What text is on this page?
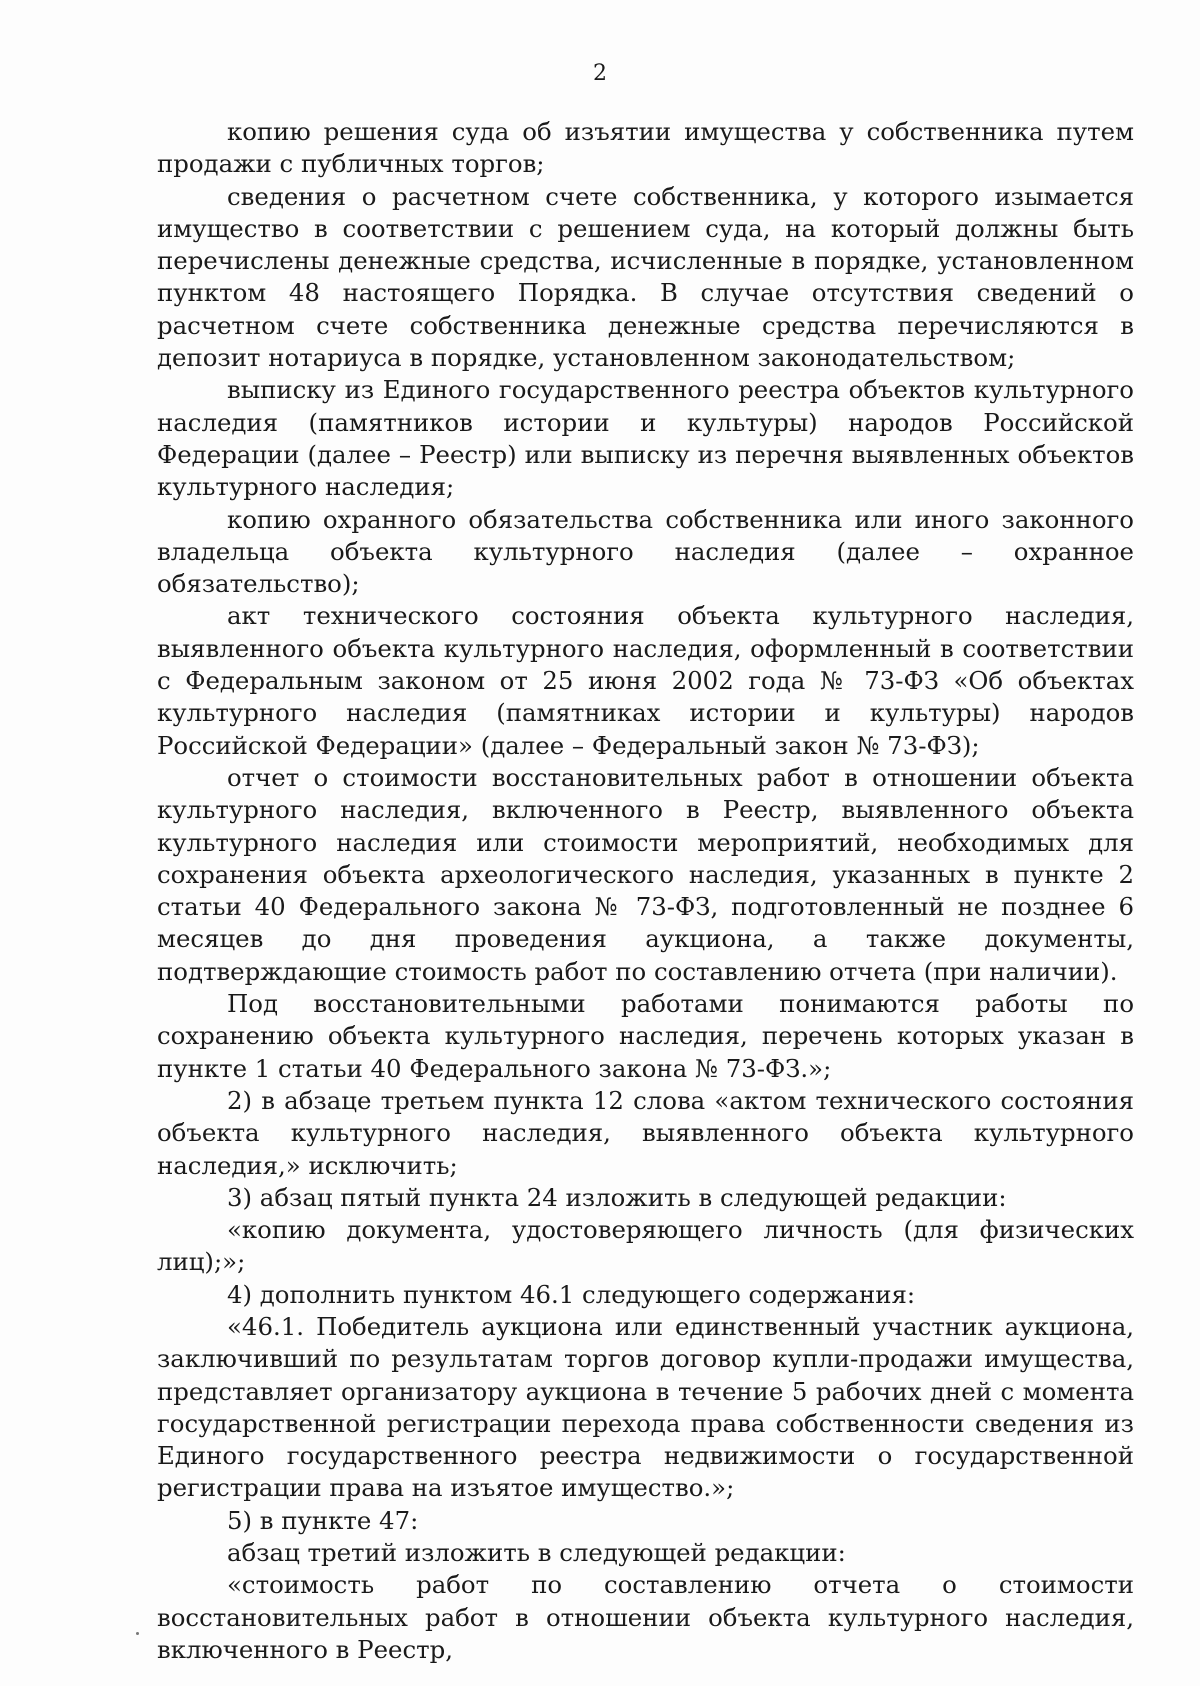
2

копию решения суда об изъятии имущества у собственника путем продажи с публичных торгов;

сведения о расчетном счете собственника, у которого изымается имущество в соответствии с решением суда, на который должны быть перечислены денежные средства, исчисленные в порядке, установленном пунктом 48 настоящего Порядка. В случае отсутствия сведений о расчетном счете собственника денежные средства перечисляются в депозит нотариуса в порядке, установленном законодательством;

выписку из Единого государственного реестра объектов культурного наследия (памятников истории и культуры) народов Российской Федерации (далее – Реестр) или выписку из перечня выявленных объектов культурного наследия;

копию охранного обязательства собственника или иного законного владельца объекта культурного наследия (далее – охранное обязательство);

акт технического состояния объекта культурного наследия, выявленного объекта культурного наследия, оформленный в соответствии с Федеральным законом от 25 июня 2002 года № 73-ФЗ «Об объектах культурного наследия (памятниках истории и культуры) народов Российской Федерации» (далее – Федеральный закон № 73-ФЗ);

отчет о стоимости восстановительных работ в отношении объекта культурного наследия, включенного в Реестр, выявленного объекта культурного наследия или стоимости мероприятий, необходимых для сохранения объекта археологического наследия, указанных в пункте 2 статьи 40 Федерального закона № 73-ФЗ, подготовленный не позднее 6 месяцев до дня проведения аукциона, а также документы, подтверждающие стоимость работ по составлению отчета (при наличии).

Под восстановительными работами понимаются работы по сохранению объекта культурного наследия, перечень которых указан в пункте 1 статьи 40 Федерального закона № 73-ФЗ.»;

2) в абзаце третьем пункта 12 слова «актом технического состояния объекта культурного наследия, выявленного объекта культурного наследия,» исключить;

3) абзац пятый пункта 24 изложить в следующей редакции:

«копию документа, удостоверяющего личность (для физических лиц);»;

4) дополнить пунктом 46.1 следующего содержания:

«46.1. Победитель аукциона или единственный участник аукциона, заключивший по результатам торгов договор купли-продажи имущества, представляет организатору аукциона в течение 5 рабочих дней с момента государственной регистрации перехода права собственности сведения из Единого государственного реестра недвижимости о государственной регистрации права на изъятое имущество.»;

5) в пункте 47:

абзац третий изложить в следующей редакции:

«стоимость работ по составлению отчета о стоимости восстановительных работ в отношении объекта культурного наследия, включенного в Реестр,
